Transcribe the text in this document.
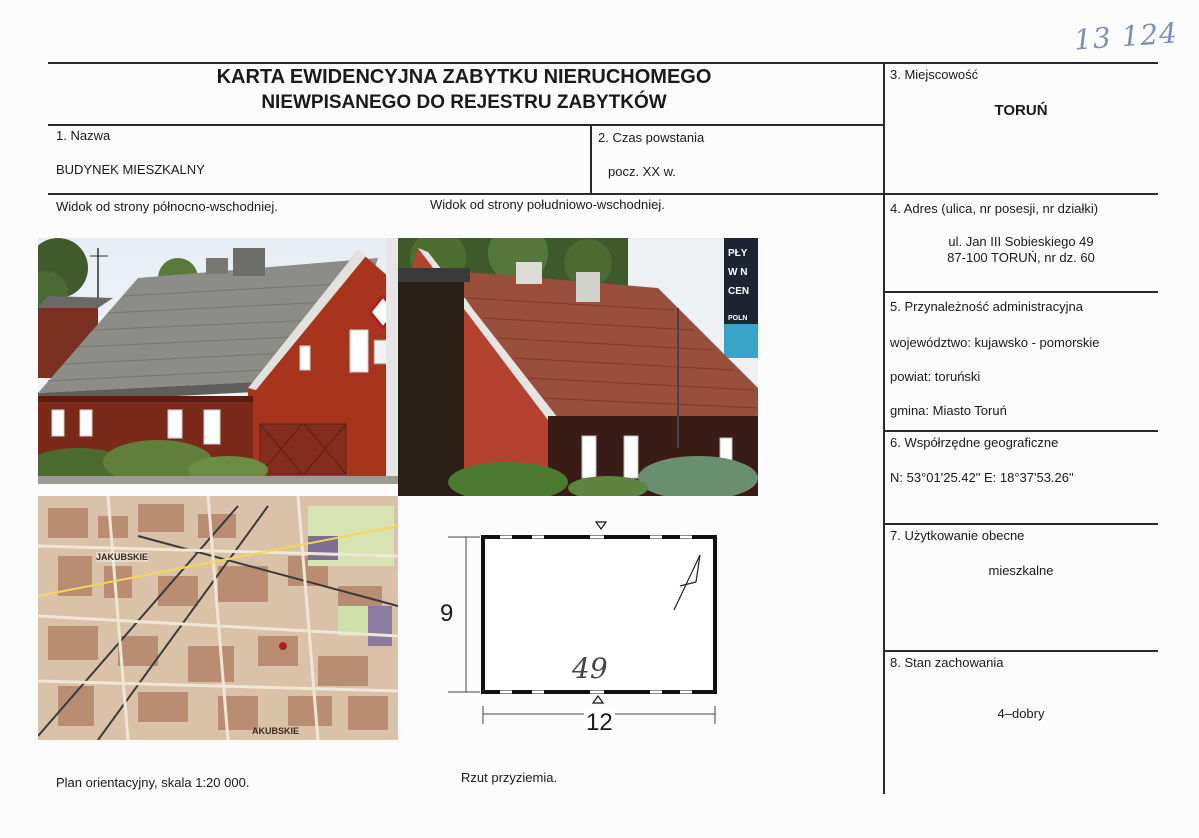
13 124
KARTA EWIDENCYJNA ZABYTKU NIERUCHOMEGO
NIEWPISANEGO DO REJESTRU ZABYTKÓW
1. Nazwa
BUDYNEK MIESZKALNY
2. Czas powstania
pocz. XX w.
3. Miejscowość
TORUŃ
4. Adres (ulica, nr posesji, nr działki)
ul. Jan III Sobieskiego 49
87-100 TORUŃ, nr dz. 60
5. Przynależność administracyjna
województwo: kujawsko - pomorskie
powiat: toruński
gmina: Miasto Toruń
6. Współrzędne geograficzne
N: 53°01'25.42" E: 18°37'53.26"
7. Użytkowanie obecne
mieszkalne
8. Stan zachowania
4–dobry
Widok od strony północno-wschodniej.	Widok od strony południowo-wschodniej.
PŁY
W N
CEN
POLN
JAKUBSKIE
AKUBSKIE
9
12
49
Plan orientacyjny, skala 1:20 000.	Rzut przyziemia.
